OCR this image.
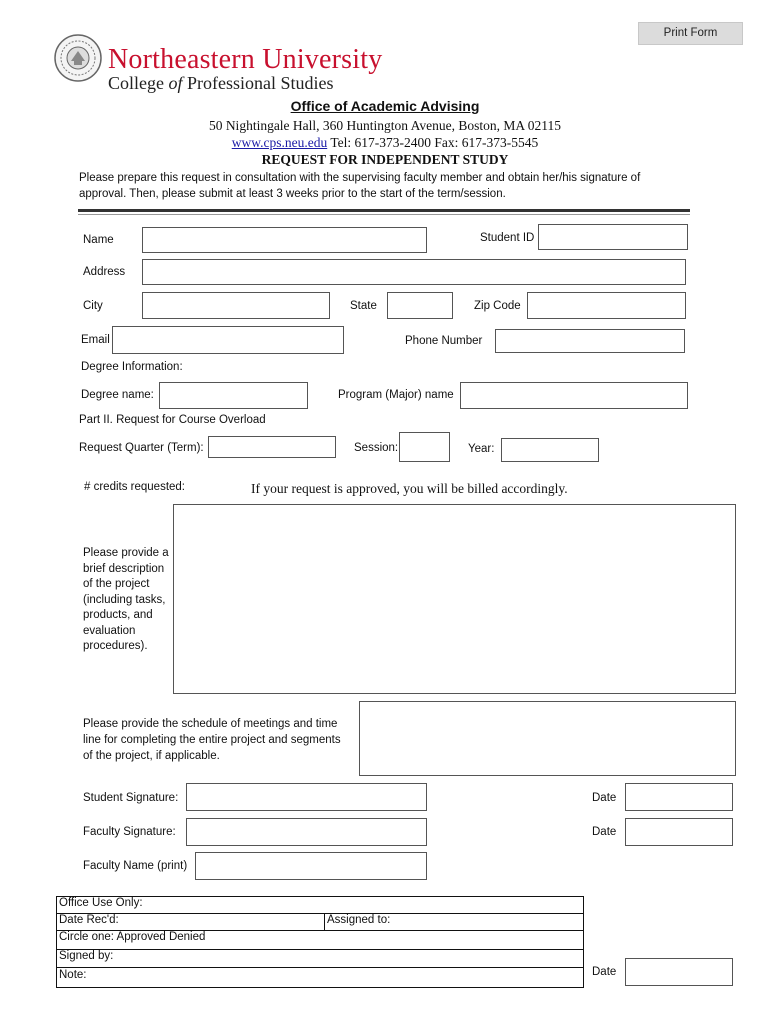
Print Form
Northeastern University
College of Professional Studies
Office of Academic Advising
50 Nightingale Hall, 360 Huntington Avenue, Boston, MA 02115
www.cps.neu.edu Tel: 617-373-2400 Fax: 617-373-5545
REQUEST FOR INDEPENDENT STUDY
Please prepare this request in consultation with the supervising faculty member and obtain her/his signature of
approval. Then, please submit at least 3 weeks prior to the start of the term/session.
Name	Student ID
Address
City	State	Zip Code
Email	Phone Number
Degree Information:
Degree name:	Program (Major) name
Part II. Request for Course Overload
Request Quarter (Term):	Session:	Year:
# credits requested:	If your request is approved, you will be billed accordingly.
Please provide a
brief description
of the project
(including tasks,
products, and
evaluation
procedures).
Please provide the schedule of meetings and time
line for completing the entire project and segments
of the project, if applicable.
Student Signature:	Date
Faculty Signature:	Date
Faculty Name (print)
Office Use Only:
Date Rec'd:	Assigned to:
Circle one: Approved Denied
Signed by:
Note:	Date
